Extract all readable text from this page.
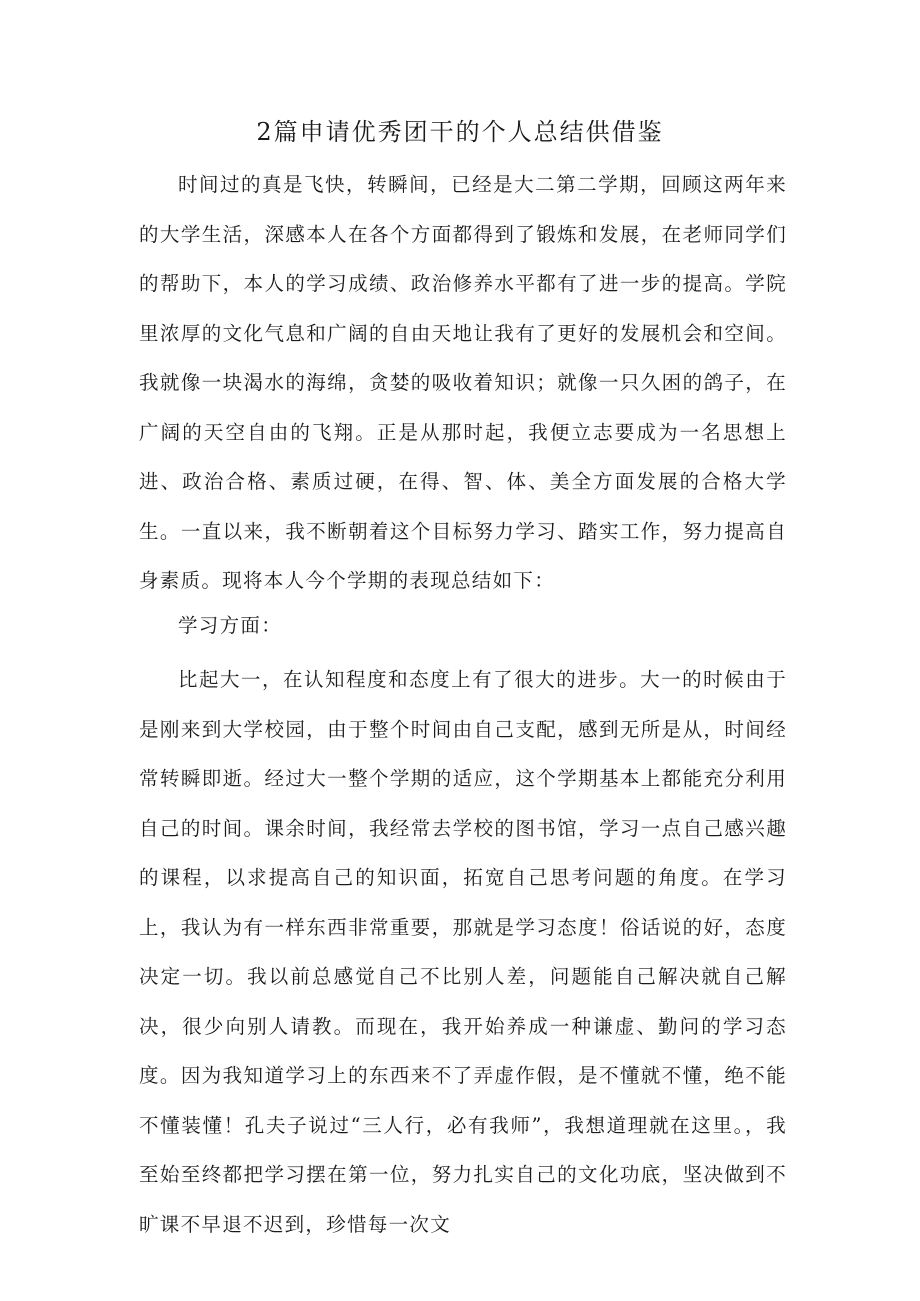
2篇申请优秀团干的个人总结供借鉴

时间过的真是飞快，转瞬间，已经是大二第二学期，回顾这两年来的大学生活，深感本人在各个方面都得到了锻炼和发展，在老师同学们的帮助下，本人的学习成绩、政治修养水平都有了进一步的提高。学院里浓厚的文化气息和广阔的自由天地让我有了更好的发展机会和空间。我就像一块渴水的海绵，贪婪的吸收着知识；就像一只久困的鸽子，在广阔的天空自由的飞翔。正是从那时起，我便立志要成为一名思想上进、政治合格、素质过硬，在得、智、体、美全方面发展的合格大学生。一直以来，我不断朝着这个目标努力学习、踏实工作，努力提高自身素质。现将本人今个学期的表现总结如下：

学习方面：

比起大一，在认知程度和态度上有了很大的进步。大一的时候由于是刚来到大学校园，由于整个时间由自己支配，感到无所是从，时间经常转瞬即逝。经过大一整个学期的适应，这个学期基本上都能充分利用自己的时间。课余时间，我经常去学校的图书馆，学习一点自己感兴趣的课程，以求提高自己的知识面，拓宽自己思考问题的角度。在学习上，我认为有一样东西非常重要，那就是学习态度！俗话说的好，态度决定一切。我以前总感觉自己不比别人差，问题能自己解决就自己解决，很少向别人请教。而现在，我开始养成一种谦虚、勤问的学习态度。因为我知道学习上的东西来不了弄虚作假，是不懂就不懂，绝不能不懂装懂！孔夫子说过“三人行，必有我师”，我想道理就在这里。，我至始至终都把学习摆在第一位，努力扎实自己的文化功底，坚决做到不旷课不早退不迟到，珍惜每一次文
